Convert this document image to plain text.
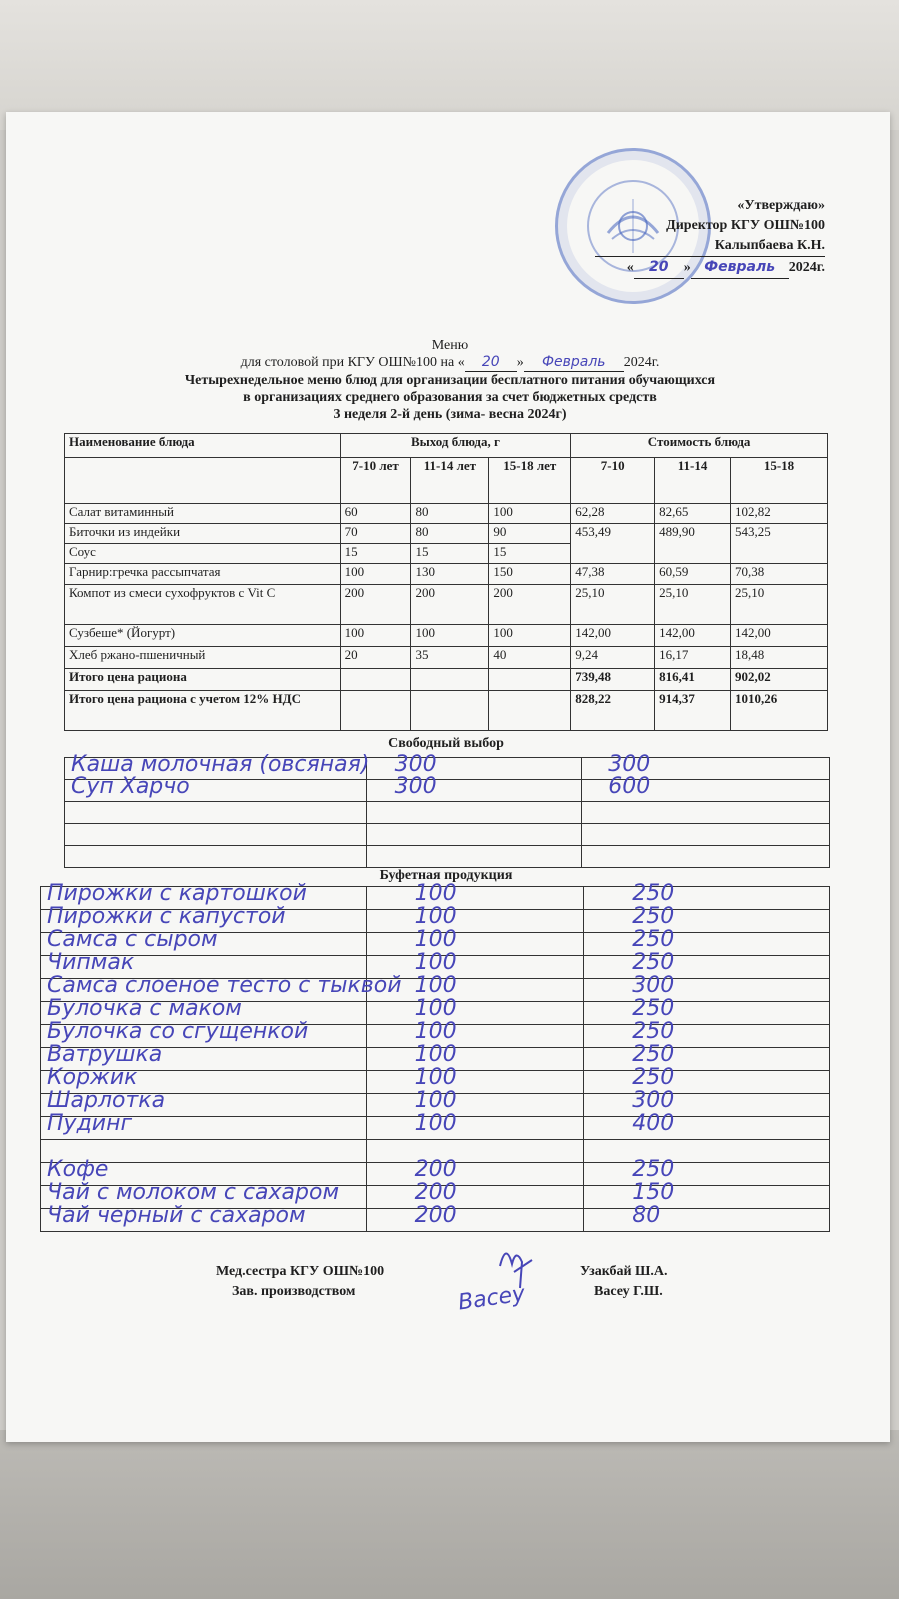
«Утверждаю»
Директор КГУ ОШ№100
Калыпбаева К.Н.
« 20 » Февраль 2024г.
Меню
для столовой при КГУ ОШ№100 на « 20 » Февраль 2024г.
Четырехнедельное меню блюд для организации бесплатного питания обучающихся
в организациях среднего образования за счет бюджетных средств
3 неделя 2-й день (зима- весна 2024г)
Наименование блюда	Выход блюда, г			Стоимость блюда		
	7-10 лет	11-14 лет	15-18 лет	7-10	11-14	15-18
Салат витаминный	60	80	100	62,28	82,65	102,82
Биточки из индейки	70	80	90	453,49	489,90	543,25
Соус	15	15	15			
Гарнир:гречка рассыпчатая	100	130	150	47,38	60,59	70,38
Компот из смеси сухофруктов с Vit C	200	200	200	25,10	25,10	25,10
Сузбеше* (Йогурт)	100	100	100	142,00	142,00	142,00
Хлеб ржано-пшеничный	20	35	40	9,24	16,17	18,48
Итого цена рациона				739,48	816,41	902,02
Итого цена рациона с учетом 12% НДС				828,22	914,37	1010,26
Свободный выбор
Каша молочная (овсяная)	300	300

Суп Харчо	300	600

Буфетная продукция
Пирожки с картошкой	100	250

Пирожки с капустой	100	250

Самса с сыром	100	250

Чипмак	100	250

Самса слоеное тесто с тыквой	100	300

Булочка с маком	100	250

Булочка со сгущенкой	100	250

Ватрушка	100	250

Коржик	100	250

Шарлотка	100	300

Пудинг	100	400

Кофе	200	250

Чай с молоком с сахаром	200	150

Чай черный с сахаром	200	80
Мед.сестра КГУ ОШ№100	Узакбай Ш.А.
Зав. производством	Васеу Г.Ш.
Васеу
